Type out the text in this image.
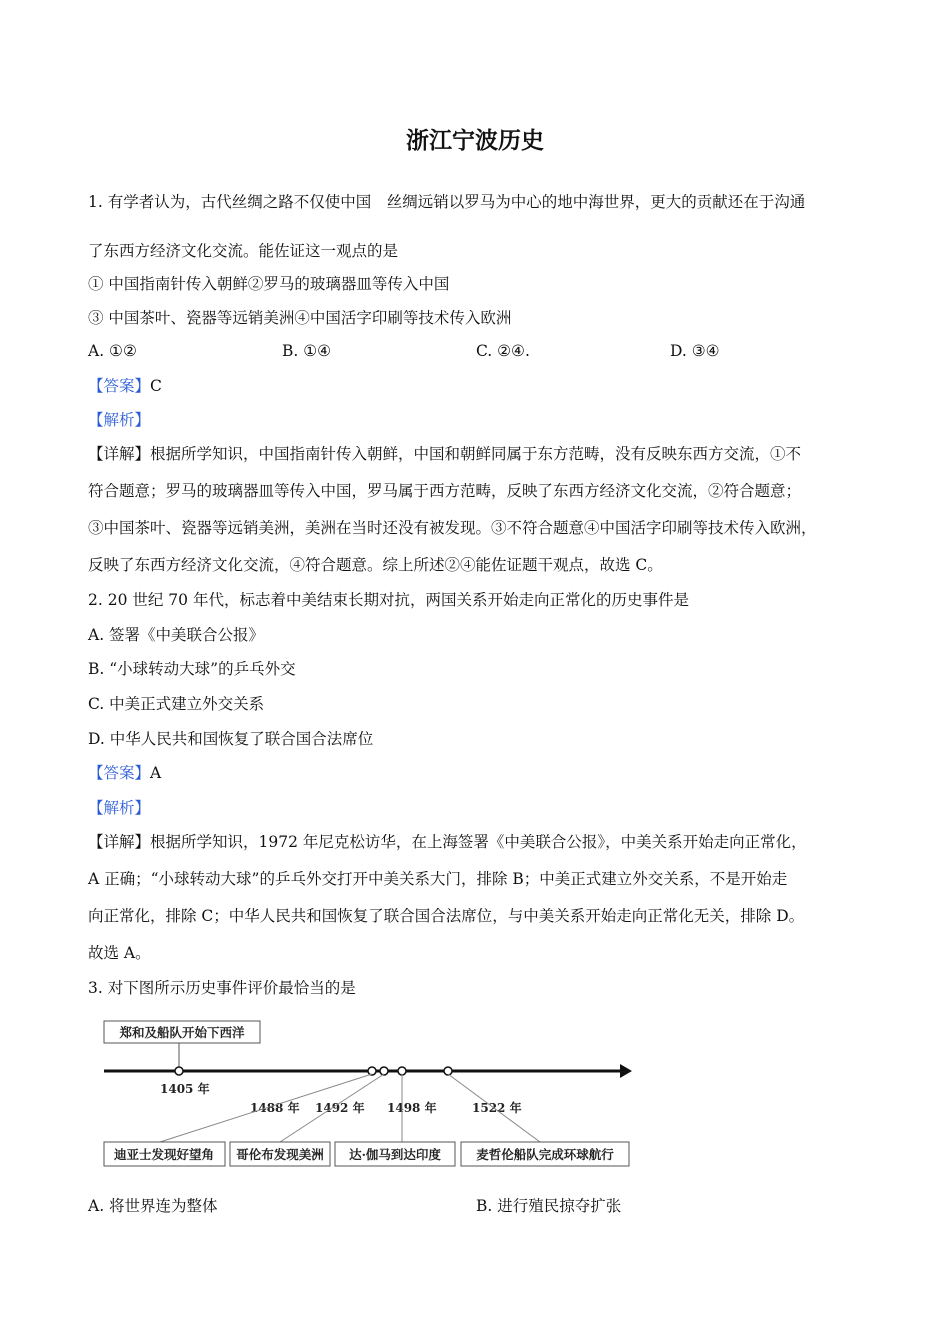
浙江宁波历史
1. 有学者认为，古代丝绸之路不仅使中国　丝绸远销以罗马为中心的地中海世界，更大的贡献还在于沟通
了东西方经济文化交流。能佐证这一观点的是
① 中国指南针传入朝鲜②罗马的玻璃器皿等传入中国
③ 中国茶叶、瓷器等远销美洲④中国活字印刷等技术传入欧洲
A. ①②	B. ①④	C. ②④.	D. ③④
【答案】C
【解析】
【详解】根据所学知识，中国指南针传入朝鲜，中国和朝鲜同属于东方范畴，没有反映东西方交流，①不
符合题意；罗马的玻璃器皿等传入中国，罗马属于西方范畴，反映了东西方经济文化交流，②符合题意；
③中国茶叶、瓷器等远销美洲，美洲在当时还没有被发现。③不符合题意④中国活字印刷等技术传入欧洲，
反映了东西方经济文化交流，④符合题意。综上所述②④能佐证题干观点，故选 C。
2. 20 世纪 70 年代，标志着中美结束长期对抗，两国关系开始走向正常化的历史事件是
A. 签署《中美联合公报》
B. “小球转动大球”的乒乓外交
C. 中美正式建立外交关系
D. 中华人民共和国恢复了联合国合法席位
【答案】A
【解析】
【详解】根据所学知识，1972 年尼克松访华，在上海签署《中美联合公报》，中美关系开始走向正常化，
A 正确；“小球转动大球”的乒乓外交打开中美关系大门，排除 B；中美正式建立外交关系，不是开始走
向正常化，排除 C；中华人民共和国恢复了联合国合法席位，与中美关系开始走向正常化无关，排除 D。
故选 A。
3. 对下图所示历史事件评价最恰当的是
郑和及船队开始下西洋
1405 年
1488 年 1492 年 1498 年	1522 年
迪亚士发现好望角 哥伦布发现美洲 达·伽马到达印度	麦哲伦船队完成环球航行
A. 将世界连为整体	B. 进行殖民掠夺扩张
